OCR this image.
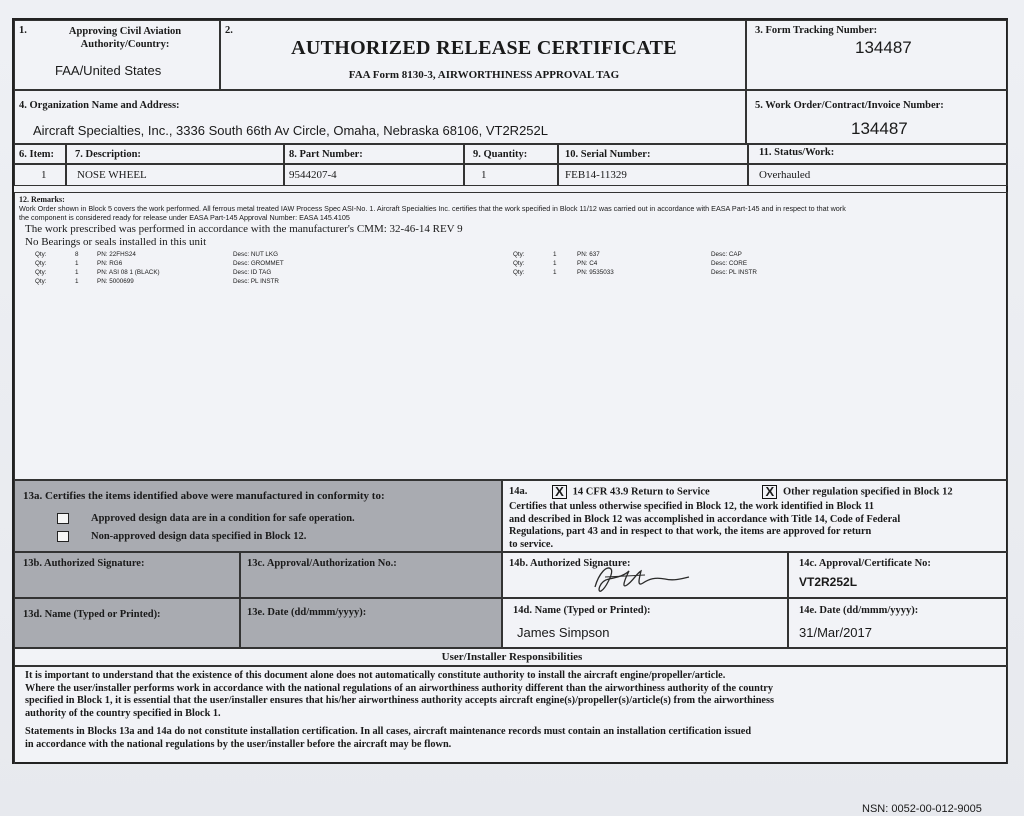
1.	Approving Civil Aviation Authority/Country:
FAA/United States
2.
AUTHORIZED RELEASE CERTIFICATE
FAA Form 8130-3, AIRWORTHINESS APPROVAL TAG
3. Form Tracking Number:
134487
4. Organization Name and Address:
Aircraft Specialties, Inc., 3336 South 66th Av Circle, Omaha, Nebraska 68106, VT2R252L
5. Work Order/Contract/Invoice Number:
134487
6. Item: 7. Description:	8. Part Number:	9. Quantity:	10. Serial Number:	11. Status/Work:
1	NOSE WHEEL	9544207-4	1	FEB14-11329	Overhauled
12. Remarks:
Work Order shown in Block 5 covers the work performed. All ferrous metal treated IAW Process Spec ASI-No. 1. Aircraft Specialties Inc. certifies that the work specified in Block 11/12 was carried out in accordance with EASA Part-145 and in respect to that work
the component is considered ready for release under EASA Part-145 Approval Number: EASA 145.4105
The work prescribed was performed in accordance with the manufacturer's CMM: 32-46-14 REV 9
No Bearings or seals installed in this unit
Qty:	8	PN: 22FHS24	Desc: NUT LKG
Qty:	1	PN: RG6	Desc: GROMMET
Qty:	1	PN: ASI 08 1 (BLACK)	Desc: ID TAG
Qty:	1	PN: 5000699	Desc: PL INSTR
Qty:	1	PN: 637	Desc: CAP
Qty:	1	PN: C4	Desc: CORE
Qty:	1	PN: 9535033	Desc: PL INSTR
13a. Certifies the items identified above were manufactured in conformity to:
Approved design data are in a condition for safe operation.
Non-approved design data specified in Block 12.
14a. X 14 CFR 43.9 Return to Service	X Other regulation specified in Block 12
Certifies that unless otherwise specified in Block 12, the work identified in Block 11
and described in Block 12 was accomplished in accordance with Title 14, Code of Federal
Regulations, part 43 and in respect to that work, the items are approved for return
to service.
13b. Authorized Signature:	13c. Approval/Authorization No.:	14b. Authorized Signature:	14c. Approval/Certificate No:
VT2R252L
13d. Name (Typed or Printed):	13e. Date (dd/mmm/yyyy):	14d. Name (Typed or Printed):
James Simpson
14e. Date (dd/mmm/yyyy):
31/Mar/2017
User/Installer Responsibilities
It is important to understand that the existence of this document alone does not automatically constitute authority to install the aircraft engine/propeller/article.
Where the user/installer performs work in accordance with the national regulations of an airworthiness authority different than the airworthiness authority of the country
specified in Block 1, it is essential that the user/installer ensures that his/her airworthiness authority accepts aircraft engine(s)/propeller(s)/article(s) from the airworthiness
authority of the country specified in Block 1.
Statements in Blocks 13a and 14a do not constitute installation certification. In all cases, aircraft maintenance records must contain an installation certification issued
in accordance with the national regulations by the user/installer before the aircraft may be flown.
NSN: 0052-00-012-9005
